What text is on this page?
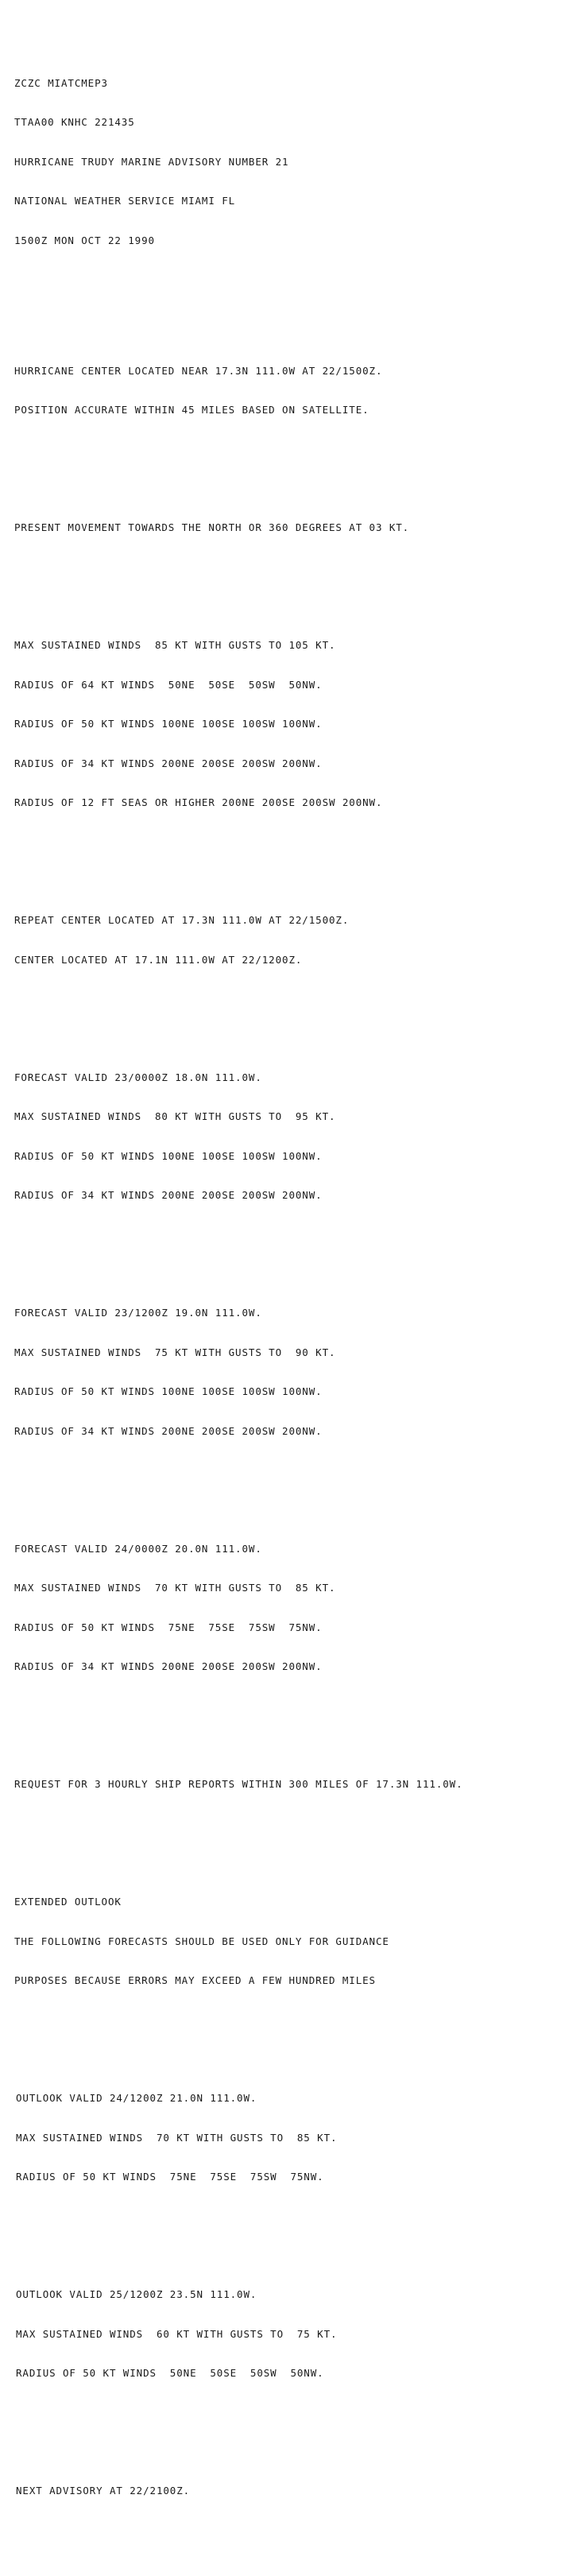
ZCZC MIATCMEP3

TTAA00 KNHC 221435

HURRICANE TRUDY MARINE ADVISORY NUMBER 21

NATIONAL WEATHER SERVICE MIAMI FL

1500Z MON OCT 22 1990

HURRICANE CENTER LOCATED NEAR 17.3N 111.0W AT 22/1500Z.

POSITION ACCURATE WITHIN 45 MILES BASED ON SATELLITE.

PRESENT MOVEMENT TOWARDS THE NORTH OR 360 DEGREES AT 03 KT.

MAX SUSTAINED WINDS  85 KT WITH GUSTS TO 105 KT.

RADIUS OF 64 KT WINDS  50NE  50SE  50SW  50NW.

RADIUS OF 50 KT WINDS 100NE 100SE 100SW 100NW.

RADIUS OF 34 KT WINDS 200NE 200SE 200SW 200NW.

RADIUS OF 12 FT SEAS OR HIGHER 200NE 200SE 200SW 200NW.

REPEAT CENTER LOCATED AT 17.3N 111.0W AT 22/1500Z.

CENTER LOCATED AT 17.1N 111.0W AT 22/1200Z.

FORECAST VALID 23/0000Z 18.0N 111.0W.

MAX SUSTAINED WINDS  80 KT WITH GUSTS TO  95 KT.

RADIUS OF 50 KT WINDS 100NE 100SE 100SW 100NW.

RADIUS OF 34 KT WINDS 200NE 200SE 200SW 200NW.

FORECAST VALID 23/1200Z 19.0N 111.0W.

MAX SUSTAINED WINDS  75 KT WITH GUSTS TO  90 KT.

RADIUS OF 50 KT WINDS 100NE 100SE 100SW 100NW.

RADIUS OF 34 KT WINDS 200NE 200SE 200SW 200NW.

FORECAST VALID 24/0000Z 20.0N 111.0W.

MAX SUSTAINED WINDS  70 KT WITH GUSTS TO  85 KT.

RADIUS OF 50 KT WINDS  75NE  75SE  75SW  75NW.

RADIUS OF 34 KT WINDS 200NE 200SE 200SW 200NW.

REQUEST FOR 3 HOURLY SHIP REPORTS WITHIN 300 MILES OF 17.3N 111.0W.

EXTENDED OUTLOOK

THE FOLLOWING FORECASTS SHOULD BE USED ONLY FOR GUIDANCE

PURPOSES BECAUSE ERRORS MAY EXCEED A FEW HUNDRED MILES

OUTLOOK VALID 24/1200Z 21.0N 111.0W.

MAX SUSTAINED WINDS  70 KT WITH GUSTS TO  85 KT.

RADIUS OF 50 KT WINDS  75NE  75SE  75SW  75NW.

OUTLOOK VALID 25/1200Z 23.5N 111.0W.

MAX SUSTAINED WINDS  60 KT WITH GUSTS TO  75 KT.

RADIUS OF 50 KT WINDS  50NE  50SE  50SW  50NW.

NEXT ADVISORY AT 22/2100Z.
